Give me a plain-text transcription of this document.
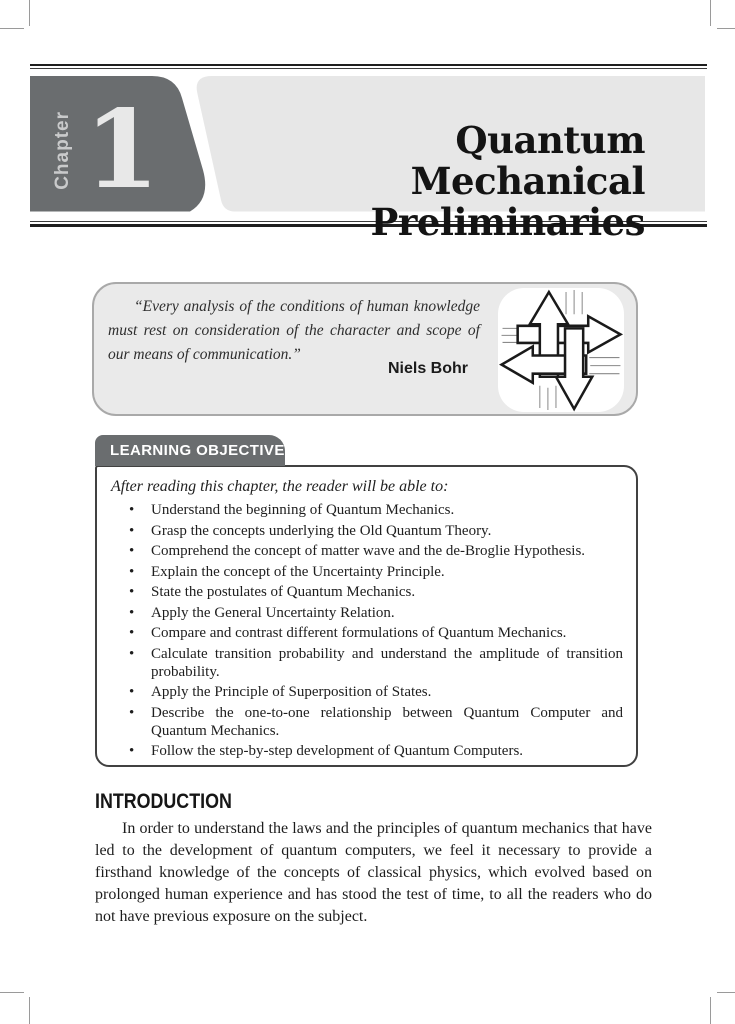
Chapter 1	Quantum Mechanical
Preliminaries
“Every analysis of the conditions of human knowledge must rest on consideration of the character and scope of our means of communication.”
Niels Bohr
LEARNING OBJECTIVE

After reading this chapter, the reader will be able to:

• Understand the beginning of Quantum Mechanics.
• Grasp the concepts underlying the Old Quantum Theory.
• Comprehend the concept of matter wave and the de-Broglie Hypothesis.
• Explain the concept of the Uncertainty Principle.
• State the postulates of Quantum Mechanics.
• Apply the General Uncertainty Relation.
• Compare and contrast different formulations of Quantum Mechanics.
• Calculate transition probability and understand the amplitude of transition probability.
• Apply the Principle of Superposition of States.
• Describe the one-to-one relationship between Quantum Computer and Quantum Mechanics.
• Follow the step-by-step development of Quantum Computers.
INTRODUCTION
In order to understand the laws and the principles of quantum mechanics that have led to the development of quantum computers, we feel it necessary to provide a firsthand knowledge of the concepts of classical physics, which evolved based on prolonged human experience and has stood the test of time, to all the readers who do not have previous exposure on the subject.
